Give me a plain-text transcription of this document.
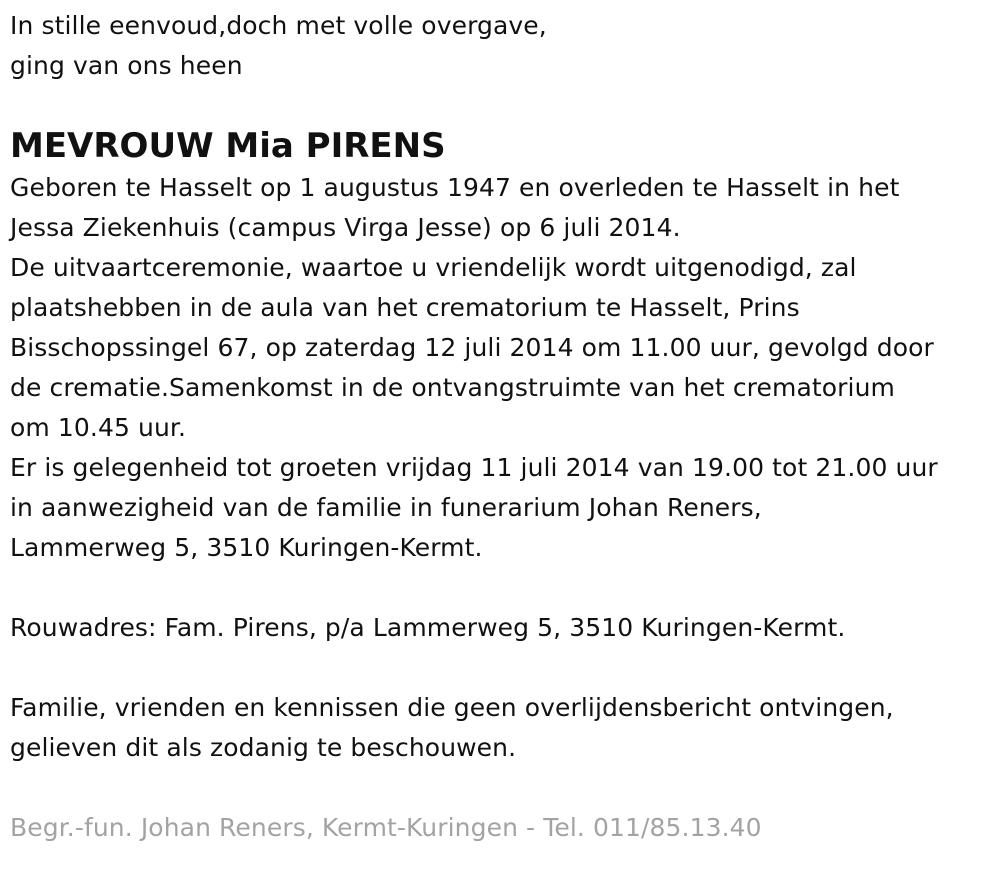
In stille eenvoud,doch met volle overgave,
ging van ons heen
MEVROUW Mia PIRENS
Geboren te Hasselt op 1 augustus 1947 en overleden te Hasselt in het
Jessa Ziekenhuis (campus Virga Jesse) op 6 juli 2014.
De uitvaartceremonie, waartoe u vriendelijk wordt uitgenodigd, zal
plaatshebben in de aula van het crematorium te Hasselt, Prins
Bisschopssingel 67, op zaterdag 12 juli 2014 om 11.00 uur, gevolgd door
de crematie.Samenkomst in de ontvangstruimte van het crematorium
om 10.45 uur.
Er is gelegenheid tot groeten vrijdag 11 juli 2014 van 19.00 tot 21.00 uur
in aanwezigheid van de familie in funerarium Johan Reners,
Lammerweg 5, 3510 Kuringen-Kermt.
Rouwadres: Fam. Pirens, p/a Lammerweg 5, 3510 Kuringen-Kermt.
Familie, vrienden en kennissen die geen overlijdensbericht ontvingen,
gelieven dit als zodanig te beschouwen.
Begr.-fun. Johan Reners, Kermt-Kuringen - Tel. 011/85.13.40
